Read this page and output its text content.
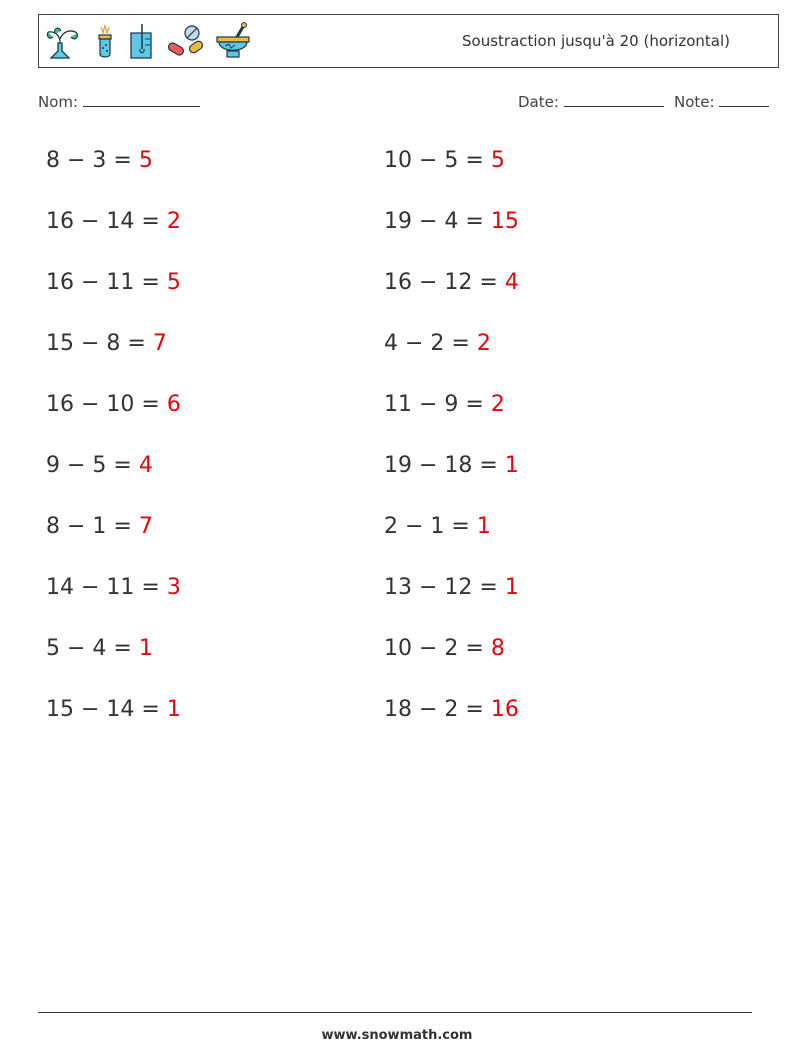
Soustraction jusqu'à 20 (horizontal)
Nom:	Date:	Note:
8 − 3 = 5	10 − 5 = 5
16 − 14 = 2	19 − 4 = 15
16 − 11 = 5	16 − 12 = 4
15 − 8 = 7	4 − 2 = 2
16 − 10 = 6	11 − 9 = 2
9 − 5 = 4	19 − 18 = 1
8 − 1 = 7	2 − 1 = 1
14 − 11 = 3	13 − 12 = 1
5 − 4 = 1	10 − 2 = 8
15 − 14 = 1	18 − 2 = 16
www.snowmath.com
